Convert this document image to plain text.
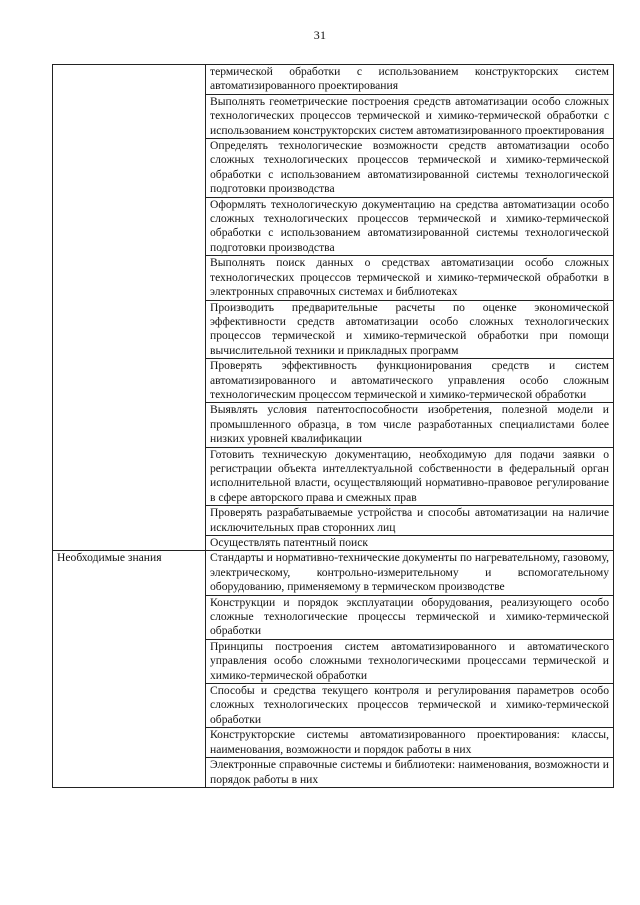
31
	термической обработки с использованием конструкторских систем автоматизированного проектирования
	Выполнять геометрические построения средств автоматизации особо сложных технологических процессов термической и химико-термической обработки с использованием конструкторских систем автоматизированного проектирования
	Определять технологические возможности средств автоматизации особо сложных технологических процессов термической и химико-термической обработки с использованием автоматизированной системы технологической подготовки производства
	Оформлять технологическую документацию на средства автоматизации особо сложных технологических процессов термической и химико-термической обработки с использованием автоматизированной системы технологической подготовки производства
	Выполнять поиск данных о средствах автоматизации особо сложных технологических процессов термической и химико-термической обработки в электронных справочных системах и библиотеках
	Производить предварительные расчеты по оценке экономической эффективности средств автоматизации особо сложных технологических процессов термической и химико-термической обработки при помощи вычислительной техники и прикладных программ
	Проверять эффективность функционирования средств и систем автоматизированного и автоматического управления особо сложным технологическим процессом термической и химико-термической обработки
	Выявлять условия патентоспособности изобретения, полезной модели и промышленного образца, в том числе разработанных специалистами более низких уровней квалификации
	Готовить техническую документацию, необходимую для подачи заявки о регистрации объекта интеллектуальной собственности в федеральный орган исполнительной власти, осуществляющий нормативно-правовое регулирование в сфере авторского права и смежных прав
	Проверять разрабатываемые устройства и способы автоматизации на наличие исключительных прав сторонних лиц
	Осуществлять патентный поиск
Необходимые знания	Стандарты и нормативно-технические документы по нагревательному, газовому, электрическому, контрольно-измерительному и вспомогательному оборудованию, применяемому в термическом производстве
	Конструкции и порядок эксплуатации оборудования, реализующего особо сложные технологические процессы термической и химико-термической обработки
	Принципы построения систем автоматизированного и автоматического управления особо сложными технологическими процессами термической и химико-термической обработки
	Способы и средства текущего контроля и регулирования параметров особо сложных технологических процессов термической и химико-термической обработки
	Конструкторские системы автоматизированного проектирования: классы, наименования, возможности и порядок работы в них
	Электронные справочные системы и библиотеки: наименования, возможности и порядок работы в них
